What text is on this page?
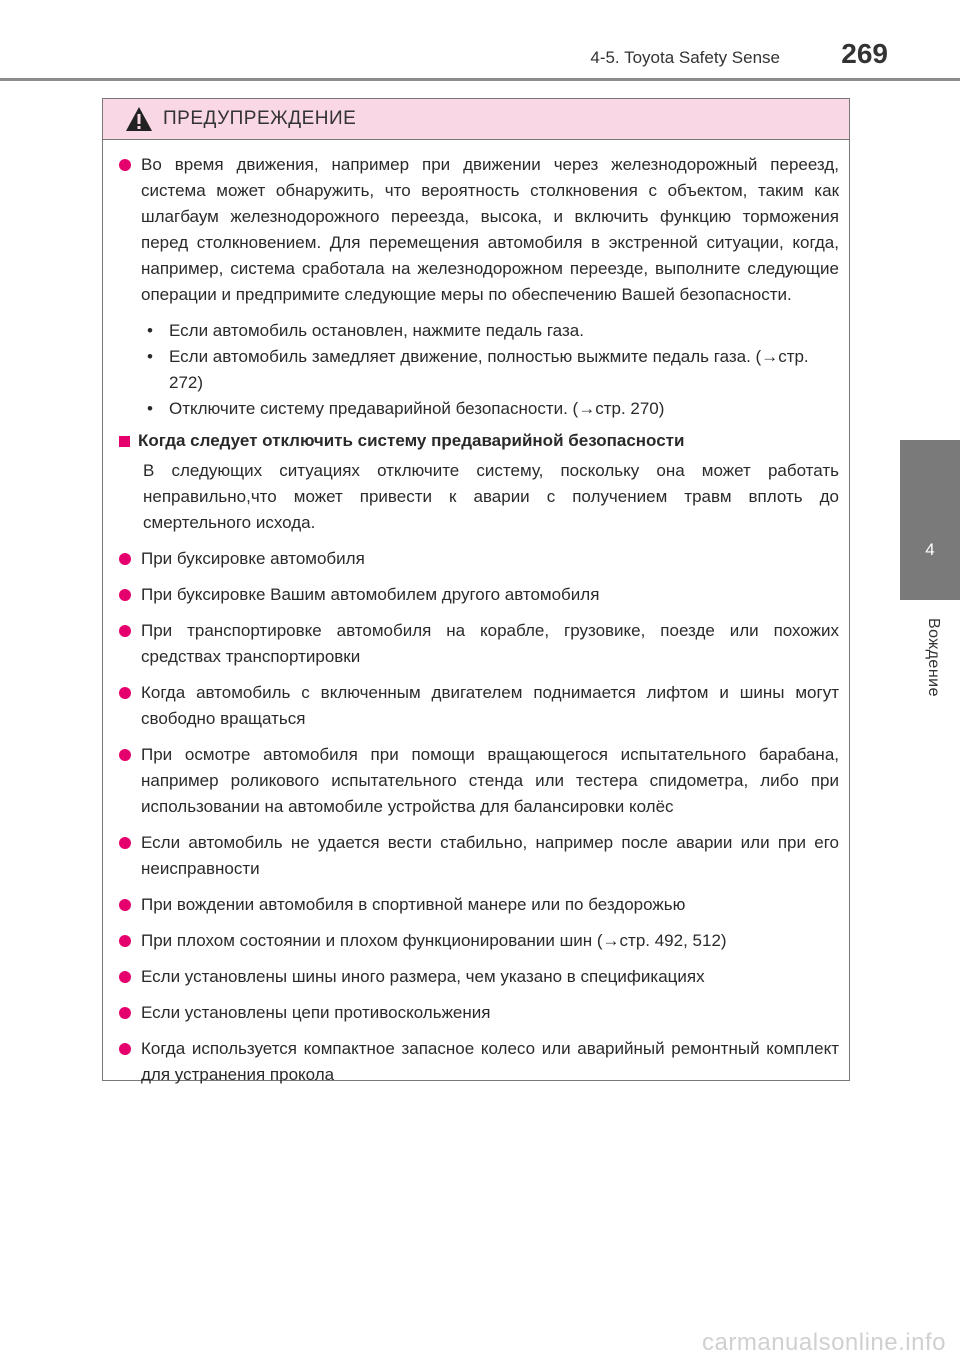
4-5. Toyota Safety Sense 269
4
Вождение
ПРЕДУПРЕЖДЕНИЕ
Во время движения, например при движении через железнодорожный переезд, система может обнаружить, что вероятность столкновения с объектом, таким как шлагбаум железнодорожного переезда, высока, и включить функцию торможения перед столкновением. Для перемещения автомобиля в экстренной ситуации, когда, например, система сработала на железнодорожном переезде, выполните следующие операции и предпримите следующие меры по обеспечению Вашей безопасности.
• Если автомобиль остановлен, нажмите педаль газа.
• Если автомобиль замедляет движение, полностью выжмите педаль газа. (→стр. 272)
• Отключите систему предаварийной безопасности. (→стр. 270)
Когда следует отключить систему предаварийной безопасности
В следующих ситуациях отключите систему, поскольку она может работать неправильно,что может привести к аварии с получением травм вплоть до смертельного исхода.
При буксировке автомобиля
При буксировке Вашим автомобилем другого автомобиля
При транспортировке автомобиля на корабле, грузовике, поезде или похожих средствах транспортировки
Когда автомобиль с включенным двигателем поднимается лифтом и шины могут свободно вращаться
При осмотре автомобиля при помощи вращающегося испытательного барабана, например роликового испытательного стенда или тестера спидометра, либо при использовании на автомобиле устройства для балансировки колёс
Если автомобиль не удается вести стабильно, например после аварии или при его неисправности
При вождении автомобиля в спортивной манере или по бездорожью
При плохом состоянии и плохом функционировании шин (→стр. 492, 512)
Если установлены шины иного размера, чем указано в спецификациях
Если установлены цепи противоскольжения
Когда используется компактное запасное колесо или аварийный ремонтный комплект для устранения прокола
carmanualsonline.info
